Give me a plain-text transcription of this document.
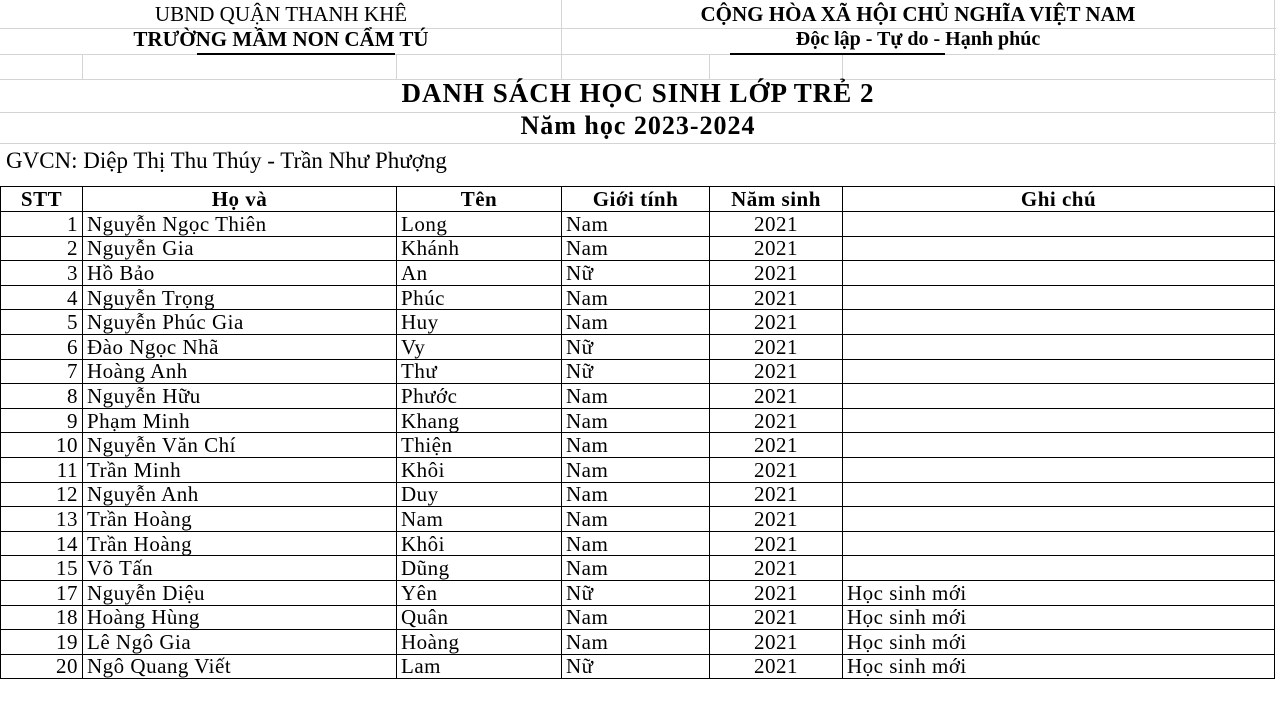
UBND QUẬN THANH KHÊ
TRƯỜNG MẦM NON CẨM TÚ
CỘNG HÒA XÃ HỘI CHỦ NGHĨA VIỆT NAM
Độc lập - Tự do - Hạnh phúc
DANH SÁCH HỌC SINH LỚP TRẺ 2
Năm học 2023-2024
GVCN: Diệp Thị Thu Thúy - Trần Như Phượng
STT	Họ và	Tên	Giới tính	Năm sinh	Ghi chú
1	Nguyễn Ngọc Thiên	Long	Nam	2021	
2	Nguyễn Gia	Khánh	Nam	2021	
3	Hồ Bảo	An	Nữ	2021	
4	Nguyễn Trọng	Phúc	Nam	2021	
5	Nguyễn Phúc Gia	Huy	Nam	2021	
6	Đào Ngọc Nhã	Vy	Nữ	2021	
7	Hoàng Anh	Thư	Nữ	2021	
8	Nguyễn Hữu	Phước	Nam	2021	
9	Phạm Minh	Khang	Nam	2021	
10	Nguyễn Văn Chí	Thiện	Nam	2021	
11	Trần Minh	Khôi	Nam	2021	
12	Nguyễn Anh	Duy	Nam	2021	
13	Trần Hoàng	Nam	Nam	2021	
14	Trần Hoàng	Khôi	Nam	2021	
15	Võ Tấn	Dũng	Nam	2021	
17	Nguyễn Diệu	Yên	Nữ	2021	Học sinh mới
18	Hoàng Hùng	Quân	Nam	2021	Học sinh mới
19	Lê Ngô Gia	Hoàng	Nam	2021	Học sinh mới
20	Ngô Quang Viết	Lam	Nữ	2021	Học sinh mới
